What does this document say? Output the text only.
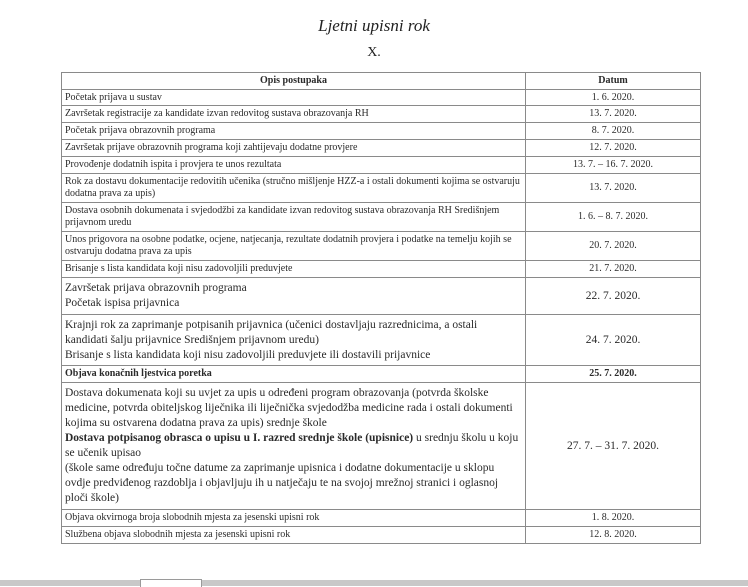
Ljetni upisni rok
X.
Opis postupaka	Datum
Početak prijava u sustav	1. 6. 2020.
Završetak registracije za kandidate izvan redovitog sustava obrazovanja RH	13. 7. 2020.
Početak prijava obrazovnih programa	8. 7. 2020.
Završetak prijave obrazovnih programa koji zahtijevaju dodatne provjere	12. 7. 2020.
Provođenje dodatnih ispita i provjera te unos rezultata	13. 7. – 16. 7. 2020.
Rok za dostavu dokumentacije redovitih učenika (stručno mišljenje HZZ-a i ostali dokumenti kojima se ostvaruju dodatna prava za upis)	13. 7. 2020.
Dostava osobnih dokumenata i svjedodžbi za kandidate izvan redovitog sustava obrazovanja RH Središnjem prijavnom uredu	1. 6. – 8. 7. 2020.
Unos prigovora na osobne podatke, ocjene, natjecanja, rezultate dodatnih provjera i podatke na temelju kojih se ostvaruju dodatna prava za upis	20. 7. 2020.
Brisanje s lista kandidata koji nisu zadovoljili preduvjete	21. 7. 2020.

Završetak prijava obrazovnih programa
Početak ispisa prijavnica	22. 7. 2020.

Krajnji rok za zaprimanje potpisanih prijavnica (učenici dostavljaju razrednicima, a ostali kandidati šalju prijavnice Središnjem prijavnom uredu)
Brisanje s lista kandidata koji nisu zadovoljili preduvjete ili dostavili prijavnice	24. 7. 2020.
Objava konačnih ljestvica poretka	25. 7. 2020.

Dostava dokumenata koji su uvjet za upis u određeni program obrazovanja (potvrda školske medicine, potvrda obiteljskog liječnika ili liječnička svjedodžba medicine rada i ostali dokumenti kojima su ostvarena dodatna prava za upis) srednje škole
Dostava potpisanog obrasca o upisu u I. razred srednje škole (upisnice) u srednju školu u koju se učenik upisao
(škole same određuju točne datume za zaprimanje upisnica i dodatne dokumentacije u sklopu ovdje predviđenog razdoblja i objavljuju ih u natječaju te na svojoj mrežnoj stranici i oglasnoj ploči škole)	27. 7. – 31. 7. 2020.
Objava okvirnoga broja slobodnih mjesta za jesenski upisni rok	1. 8. 2020.
Službena objava slobodnih mjesta za jesenski upisni rok	12. 8. 2020.
